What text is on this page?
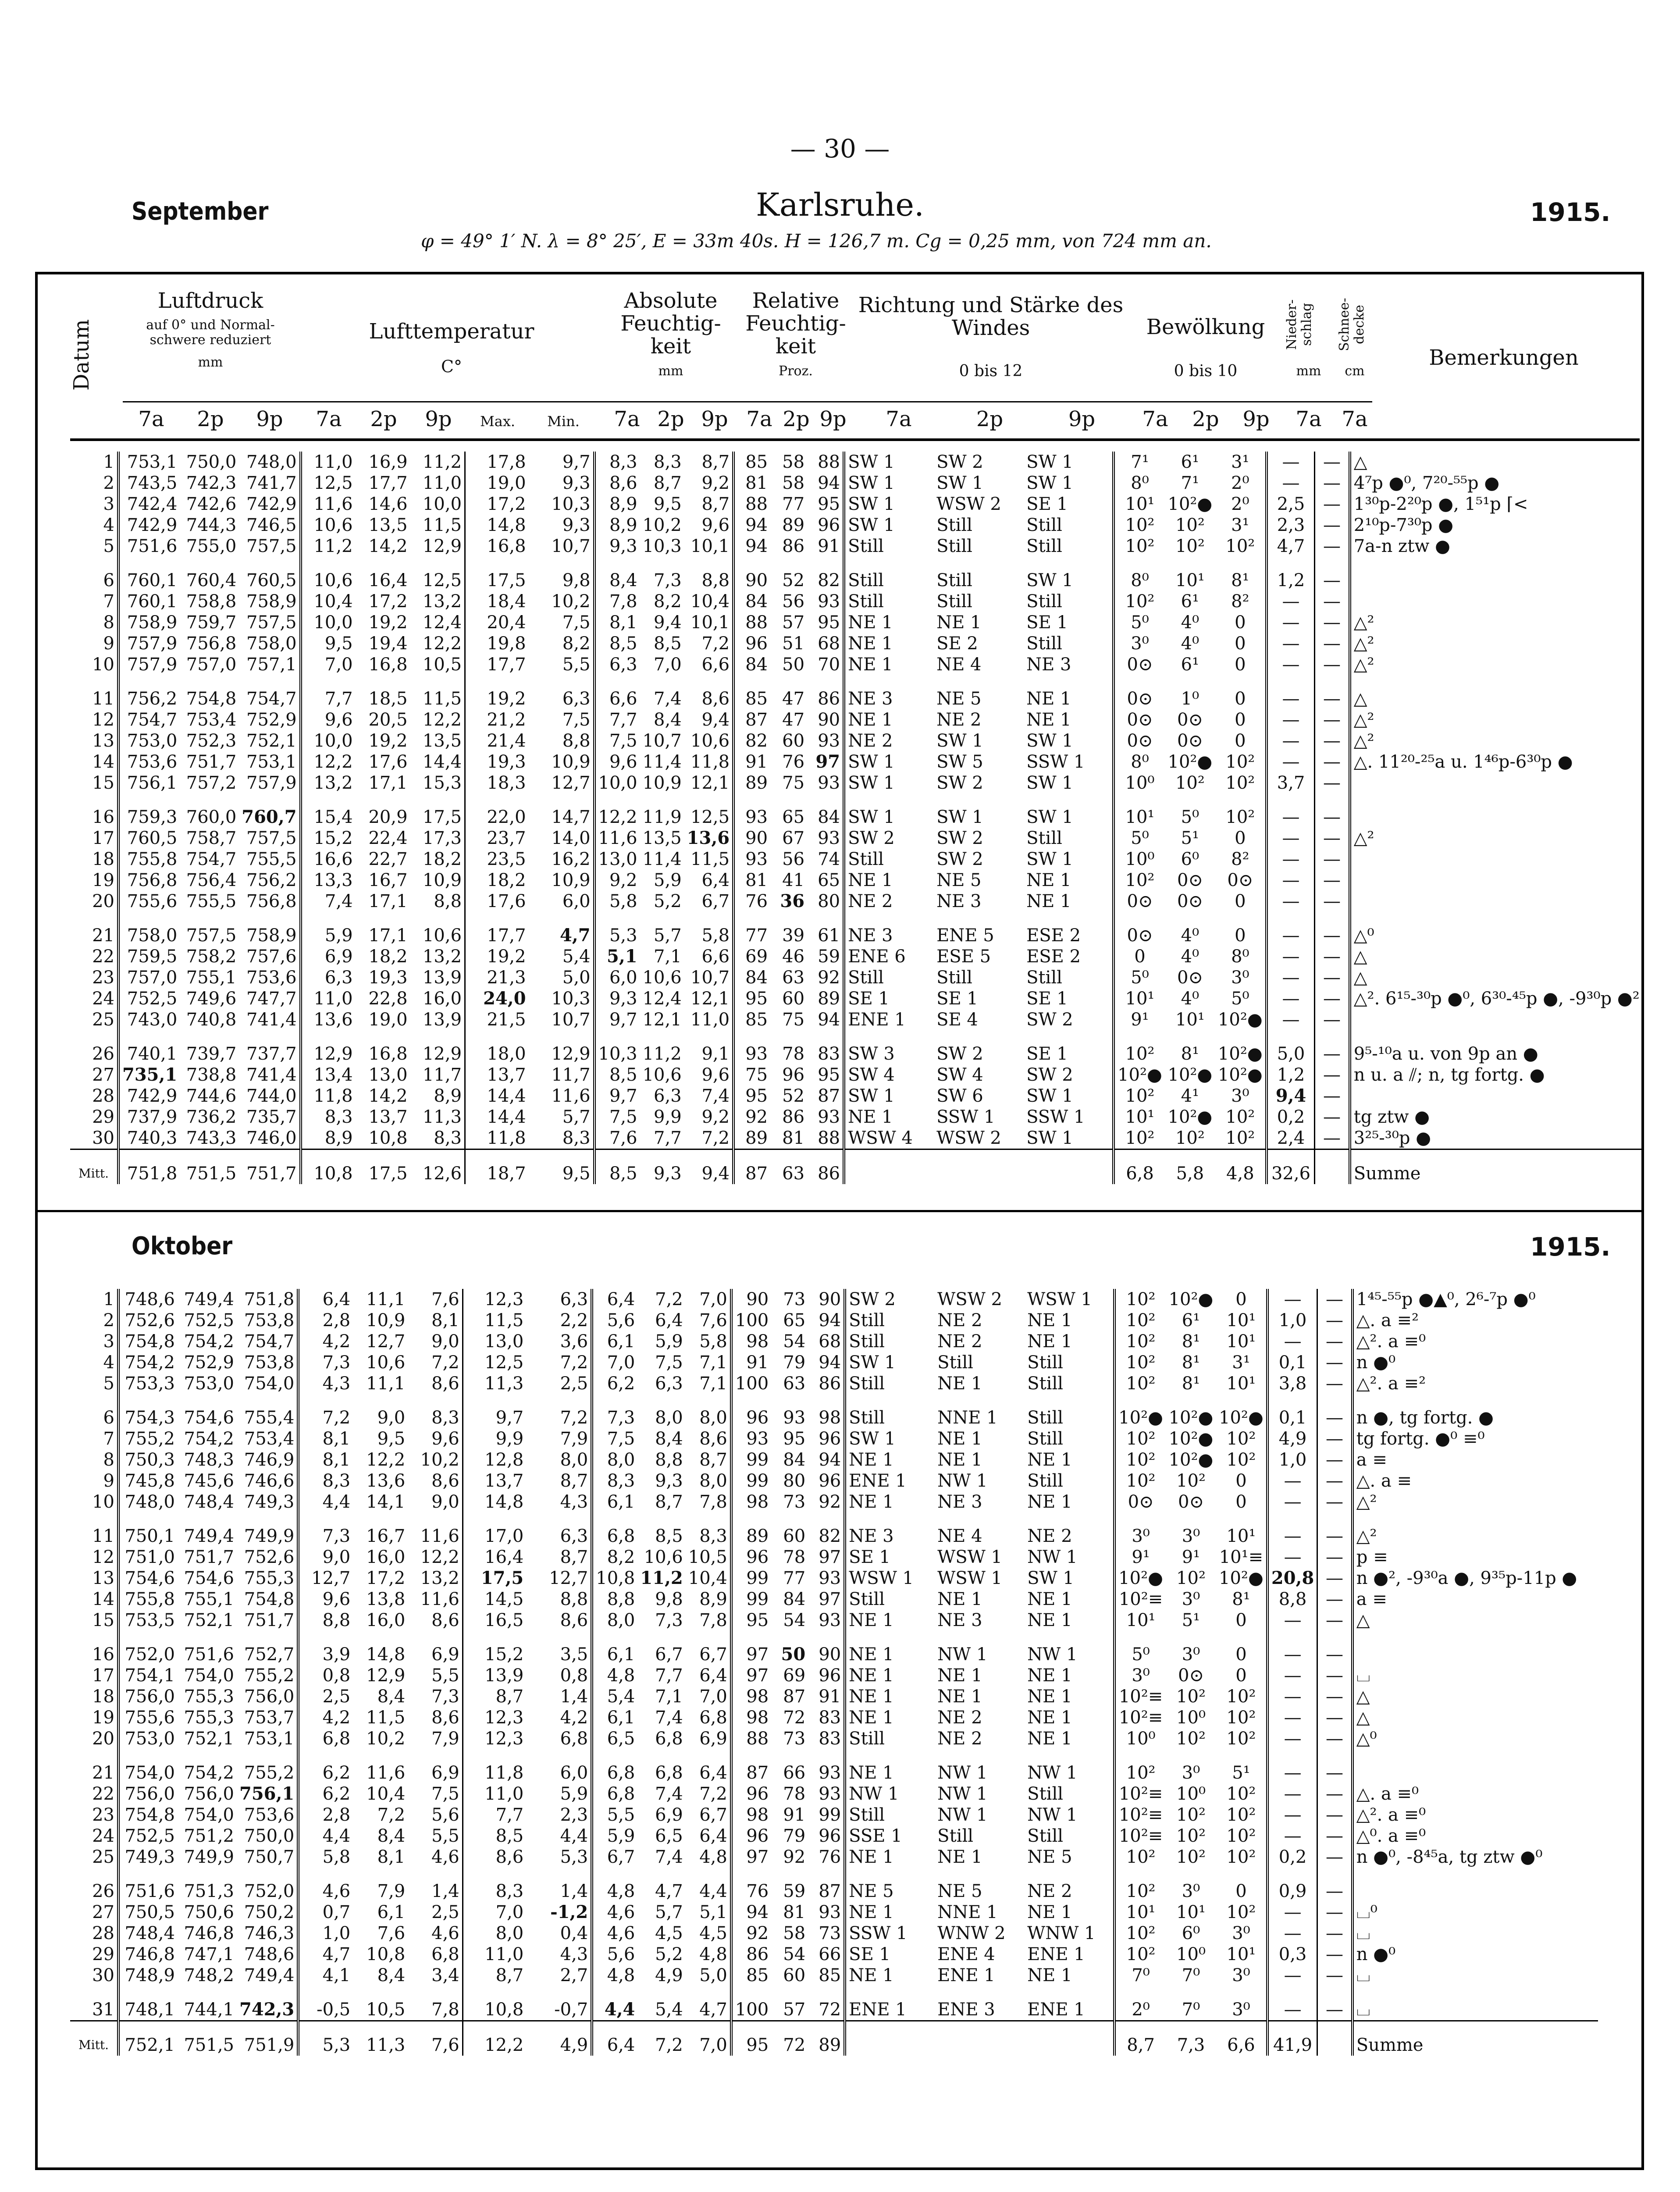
— 30 —
September	Karlsruhe.	1915.
φ = 49° 1′ N. λ = 8° 25′, E = 33m 40s. H = 126,7 m. Cg = 0,25 mm, von 724 mm an.
Datum
Luftdruck
auf 0° und Normal- schwere reduziert
mm
Lufttemperatur
C°
Absolute Feuchtig- keit
mm
Relative Feuchtig- keit
Proz.
Richtung und Stärke des Windes
0 bis 12
Bewölkung
0 bis 10
Nieder- schlag
mm
Schnee- decke
cm
Bemerkungen
7a	2p	9p	7a	2p	9p	Max.	Min.	7a 2p 9p 7a 2p 9p	7a	2p	9p	7a	2p	9p	7a 7a
1	753,1	750,0	748,0	11,0	16,9	11,2	17,8	9,7	8,3	8,3	8,7	85	58	88	SW 1	SW 2	SW 1	7¹	6¹	3¹	—	—	△
2	743,5	742,3	741,7	12,5	17,7	11,0	19,0	9,3	8,6	8,7	9,2	81	58	94	SW 1	SW 1	SW 1	8⁰	7¹	2⁰	—	—	4⁷p ●⁰, 7²⁰-⁵⁵p ●
3	742,4	742,6	742,9	11,6	14,6	10,0	17,2	10,3	8,9	9,5	8,7	88	77	95	SW 1	WSW 2	SE 1	10¹	10²●	2⁰	2,5	—	1³⁰p-2²⁰p ●, 1⁵¹p ⌈<
4	742,9	744,3	746,5	10,6	13,5	11,5	14,8	9,3	8,9	10,2	9,6	94	89	96	SW 1	Still	Still	10²	10²	3¹	2,3	—	2¹⁰p-7³⁰p ●
5	751,6	755,0	757,5	11,2	14,2	12,9	16,8	10,7	9,3	10,3	10,1	94	86	91	Still	Still	Still	10²	10²	10²	4,7	—	7a-n ztw ●
6	760,1	760,4	760,5	10,6	16,4	12,5	17,5	9,8	8,4	7,3	8,8	90	52	82	Still	Still	SW 1	8⁰	10¹	8¹	1,2	—	
7	760,1	758,8	758,9	10,4	17,2	13,2	18,4	10,2	7,8	8,2	10,4	84	56	93	Still	Still	Still	10²	6¹	8²	—	—	
8	758,9	759,7	757,5	10,0	19,2	12,4	20,4	7,5	8,1	9,4	10,1	88	57	95	NE 1	NE 1	SE 1	5⁰	4⁰	0	—	—	△²
9	757,9	756,8	758,0	9,5	19,4	12,2	19,8	8,2	8,5	8,5	7,2	96	51	68	NE 1	SE 2	Still	3⁰	4⁰	0	—	—	△²
10	757,9	757,0	757,1	7,0	16,8	10,5	17,7	5,5	6,3	7,0	6,6	84	50	70	NE 1	NE 4	NE 3	0⊙	6¹	0	—	—	△²
11	756,2	754,8	754,7	7,7	18,5	11,5	19,2	6,3	6,6	7,4	8,6	85	47	86	NE 3	NE 5	NE 1	0⊙	1⁰	0	—	—	△
12	754,7	753,4	752,9	9,6	20,5	12,2	21,2	7,5	7,7	8,4	9,4	87	47	90	NE 1	NE 2	NE 1	0⊙	0⊙	0	—	—	△²
13	753,0	752,3	752,1	10,0	19,2	13,5	21,4	8,8	7,5	10,7	10,6	82	60	93	NE 2	SW 1	SW 1	0⊙	0⊙	0	—	—	△²
14	753,6	751,7	753,1	12,2	17,6	14,4	19,3	10,9	9,6	11,4	11,8	91	76	97	SW 1	SW 5	SSW 1	8⁰	10²●	10²	—	—	△. 11²⁰-²⁵a u. 1⁴⁶p-6³⁰p ●
15	756,1	757,2	757,9	13,2	17,1	15,3	18,3	12,7	10,0	10,9	12,1	89	75	93	SW 1	SW 2	SW 1	10⁰	10²	10²	3,7	—	
16	759,3	760,0	760,7	15,4	20,9	17,5	22,0	14,7	12,2	11,9	12,5	93	65	84	SW 1	SW 1	SW 1	10¹	5⁰	10²	—	—	
17	760,5	758,7	757,5	15,2	22,4	17,3	23,7	14,0	11,6	13,5	13,6	90	67	93	SW 2	SW 2	Still	5⁰	5¹	0	—	—	△²
18	755,8	754,7	755,5	16,6	22,7	18,2	23,5	16,2	13,0	11,4	11,5	93	56	74	Still	SW 2	SW 1	10⁰	6⁰	8²	—	—	
19	756,8	756,4	756,2	13,3	16,7	10,9	18,2	10,9	9,2	5,9	6,4	81	41	65	NE 1	NE 5	NE 1	10²	0⊙	0⊙	—	—	
20	755,6	755,5	756,8	7,4	17,1	8,8	17,6	6,0	5,8	5,2	6,7	76	36	80	NE 2	NE 3	NE 1	0⊙	0⊙	0	—	—	
21	758,0	757,5	758,9	5,9	17,1	10,6	17,7	4,7	5,3	5,7	5,8	77	39	61	NE 3	ENE 5	ESE 2	0⊙	4⁰	0	—	—	△⁰
22	759,5	758,2	757,6	6,9	18,2	13,2	19,2	5,4	5,1	7,1	6,6	69	46	59	ENE 6	ESE 5	ESE 2	0	4⁰	8⁰	—	—	△
23	757,0	755,1	753,6	6,3	19,3	13,9	21,3	5,0	6,0	10,6	10,7	84	63	92	Still	Still	Still	5⁰	0⊙	3⁰	—	—	△
24	752,5	749,6	747,7	11,0	22,8	16,0	24,0	10,3	9,3	12,4	12,1	95	60	89	SE 1	SE 1	SE 1	10¹	4⁰	5⁰	—	—	△². 6¹⁵-³⁰p ●⁰, 6³⁰-⁴⁵p ●, -9³⁰p ●²
25	743,0	740,8	741,4	13,6	19,0	13,9	21,5	10,7	9,7	12,1	11,0	85	75	94	ENE 1	SE 4	SW 2	9¹	10¹	10²●	—	—	
26	740,1	739,7	737,7	12,9	16,8	12,9	18,0	12,9	10,3	11,2	9,1	93	78	83	SW 3	SW 2	SE 1	10²	8¹	10²●	5,0	—	9⁵-¹⁰a u. von 9p an ●
27	735,1	738,8	741,4	13,4	13,0	11,7	13,7	11,7	8,5	10,6	9,6	75	96	95	SW 4	SW 4	SW 2	10²●	10²●	10²●	1,2	—	n u. a ⫽; n, tg fortg. ●
28	742,9	744,6	744,0	11,8	14,2	8,9	14,4	11,6	9,7	6,3	7,4	95	52	87	SW 1	SW 6	SW 1	10²	4¹	3⁰	9,4	—	
29	737,9	736,2	735,7	8,3	13,7	11,3	14,4	5,7	7,5	9,9	9,2	92	86	93	NE 1	SSW 1	SSW 1	10¹	10²●	10²	0,2	—	tg ztw ●
30	740,3	743,3	746,0	8,9	10,8	8,3	11,8	8,3	7,6	7,7	7,2	89	81	88	WSW 4	WSW 2	SW 1	10²	10²	10²	2,4	—	3²⁵-³⁰p ●
Mitt.	751,8	751,5	751,7	10,8	17,5	12,6	18,7	9,5	8,5	9,3	9,4	87	63	86				6,8	5,8	4,8	32,6		Summe
Oktober	1915.
1	748,6	749,4	751,8	6,4	11,1	7,6	12,3	6,3	6,4	7,2	7,0	90	73	90	SW 2	WSW 2	WSW 1	10²	10²●	0	—	—	1⁴⁵-⁵⁵p ●▲⁰, 2⁶-⁷p ●⁰
2	752,6	752,5	753,8	2,8	10,9	8,1	11,5	2,2	5,6	6,4	7,6	100	65	94	Still	NE 2	NE 1	10²	6¹	10¹	1,0	—	△. a ≡²
3	754,8	754,2	754,7	4,2	12,7	9,0	13,0	3,6	6,1	5,9	5,8	98	54	68	Still	NE 2	NE 1	10²	8¹	10¹	—	—	△². a ≡⁰
4	754,2	752,9	753,8	7,3	10,6	7,2	12,5	7,2	7,0	7,5	7,1	91	79	94	SW 1	Still	Still	10²	8¹	3¹	0,1	—	n ●⁰
5	753,3	753,0	754,0	4,3	11,1	8,6	11,3	2,5	6,2	6,3	7,1	100	63	86	Still	NE 1	Still	10²	8¹	10¹	3,8	—	△². a ≡²
6	754,3	754,6	755,4	7,2	9,0	8,3	9,7	7,2	7,3	8,0	8,0	96	93	98	Still	NNE 1	Still	10²●	10²●	10²●	0,1	—	n ●, tg fortg. ●
7	755,2	754,2	753,4	8,1	9,5	9,6	9,9	7,9	7,5	8,4	8,6	93	95	96	SW 1	NE 1	Still	10²	10²●	10²	4,9	—	tg fortg. ●⁰ ≡⁰
8	750,3	748,3	746,9	8,1	12,2	10,2	12,8	8,0	8,0	8,8	8,7	99	84	94	NE 1	NE 1	NE 1	10²	10²●	10²	1,0	—	a ≡
9	745,8	745,6	746,6	8,3	13,6	8,6	13,7	8,7	8,3	9,3	8,0	99	80	96	ENE 1	NW 1	Still	10²	10²	0	—	—	△. a ≡
10	748,0	748,4	749,3	4,4	14,1	9,0	14,8	4,3	6,1	8,7	7,8	98	73	92	NE 1	NE 3	NE 1	0⊙	0⊙	0	—	—	△²
11	750,1	749,4	749,9	7,3	16,7	11,6	17,0	6,3	6,8	8,5	8,3	89	60	82	NE 3	NE 4	NE 2	3⁰	3⁰	10¹	—	—	△²
12	751,0	751,7	752,6	9,0	16,0	12,2	16,4	8,7	8,2	10,6	10,5	96	78	97	SE 1	WSW 1	NW 1	9¹	9¹	10¹≡	—	—	p ≡
13	754,6	754,6	755,3	12,7	17,2	13,2	17,5	12,7	10,8	11,2	10,4	99	77	93	WSW 1	WSW 1	SW 1	10²●	10²	10²●	20,8	—	n ●², -9³⁰a ●, 9³⁵p-11p ●
14	755,8	755,1	754,8	9,6	13,8	11,6	14,5	8,8	8,8	9,8	8,9	99	84	97	Still	NE 1	NE 1	10²≡	3⁰	8¹	8,8	—	a ≡
15	753,5	752,1	751,7	8,8	16,0	8,6	16,5	8,6	8,0	7,3	7,8	95	54	93	NE 1	NE 3	NE 1	10¹	5¹	0	—	—	△
16	752,0	751,6	752,7	3,9	14,8	6,9	15,2	3,5	6,1	6,7	6,7	97	50	90	NE 1	NW 1	NW 1	5⁰	3⁰	0	—	—	
17	754,1	754,0	755,2	0,8	12,9	5,5	13,9	0,8	4,8	7,7	6,4	97	69	96	NE 1	NE 1	NE 1	3⁰	0⊙	0	—	—	⌴
18	756,0	755,3	756,0	2,5	8,4	7,3	8,7	1,4	5,4	7,1	7,0	98	87	91	NE 1	NE 1	NE 1	10²≡	10²	10²	—	—	△
19	755,6	755,3	753,7	4,2	11,5	8,6	12,3	4,2	6,1	7,4	6,8	98	72	83	NE 1	NE 2	NE 1	10²≡	10⁰	10²	—	—	△
20	753,0	752,1	753,1	6,8	10,2	7,9	12,3	6,8	6,5	6,8	6,9	88	73	83	Still	NE 2	NE 1	10⁰	10²	10²	—	—	△⁰
21	754,0	754,2	755,2	6,2	11,6	6,9	11,8	6,0	6,8	6,8	6,4	87	66	93	NE 1	NW 1	NW 1	10²	3⁰	5¹	—	—	
22	756,0	756,0	756,1	6,2	10,4	7,5	11,0	5,9	6,8	7,4	7,2	96	78	93	NW 1	NW 1	Still	10²≡	10⁰	10²	—	—	△. a ≡⁰
23	754,8	754,0	753,6	2,8	7,2	5,6	7,7	2,3	5,5	6,9	6,7	98	91	99	Still	NW 1	NW 1	10²≡	10²	10²	—	—	△². a ≡⁰
24	752,5	751,2	750,0	4,4	8,4	5,5	8,5	4,4	5,9	6,5	6,4	96	79	96	SSE 1	Still	Still	10²≡	10²	10²	—	—	△⁰. a ≡⁰
25	749,3	749,9	750,7	5,8	8,1	4,6	8,6	5,3	6,7	7,4	4,8	97	92	76	NE 1	NE 1	NE 5	10²	10²	10²	0,2	—	n ●⁰, -8⁴⁵a, tg ztw ●⁰
26	751,6	751,3	752,0	4,6	7,9	1,4	8,3	1,4	4,8	4,7	4,4	76	59	87	NE 5	NE 5	NE 2	10²	3⁰	0	0,9	—	
27	750,5	750,6	750,2	0,7	6,1	2,5	7,0	-1,2	4,6	5,7	5,1	94	81	93	NE 1	NNE 1	NE 1	10¹	10¹	10²	—	—	⌴⁰
28	748,4	746,8	746,3	1,0	7,6	4,6	8,0	0,4	4,6	4,5	4,5	92	58	73	SSW 1	WNW 2	WNW 1	10²	6⁰	3⁰	—	—	⌴
29	746,8	747,1	748,6	4,7	10,8	6,8	11,0	4,3	5,6	5,2	4,8	86	54	66	SE 1	ENE 4	ENE 1	10²	10⁰	10¹	0,3	—	n ●⁰
30	748,9	748,2	749,4	4,1	8,4	3,4	8,7	2,7	4,8	4,9	5,0	85	60	85	NE 1	ENE 1	NE 1	7⁰	7⁰	3⁰	—	—	⌴
31	748,1	744,1	742,3	-0,5	10,5	7,8	10,8	-0,7	4,4	5,4	4,7	100	57	72	ENE 1	ENE 3	ENE 1	2⁰	7⁰	3⁰	—	—	⌴
Mitt.	752,1	751,5	751,9	5,3	11,3	7,6	12,2	4,9	6,4	7,2	7,0	95	72	89				8,7	7,3	6,6	41,9		Summe
